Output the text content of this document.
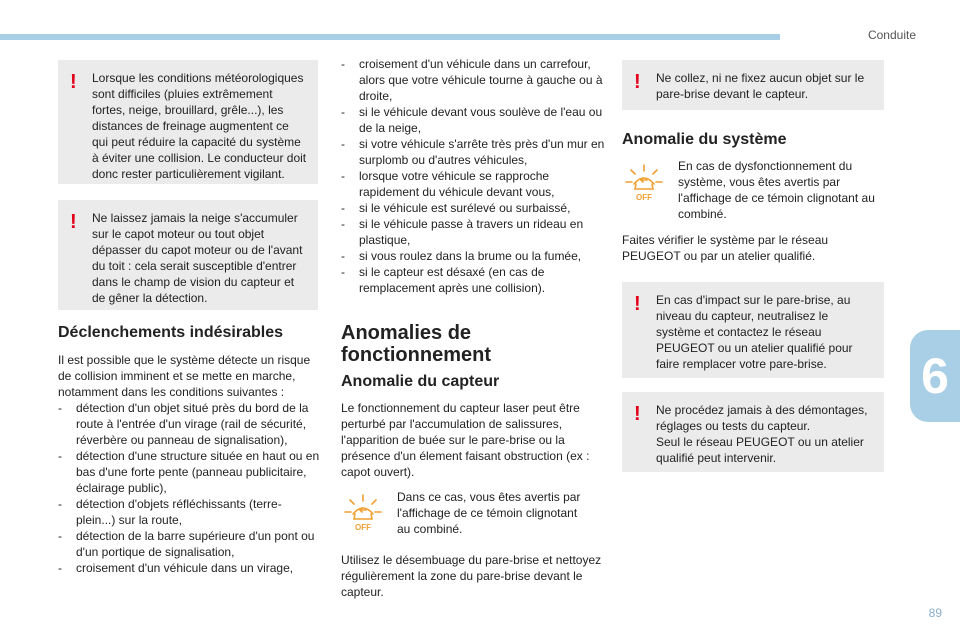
Conduite
! Lorsque les conditions météorologiques sont difficiles (pluies extrêmement fortes, neige, brouillard, grêle...), les distances de freinage augmentent ce qui peut réduire la capacité du système à éviter une collision. Le conducteur doit donc rester particulièrement vigilant.

! Ne laissez jamais la neige s'accumuler sur le capot moteur ou tout objet dépasser du capot moteur ou de l'avant du toit : cela serait susceptible d'entrer dans le champ de vision du capteur et de gêner la détection.

Déclenchements indésirables

Il est possible que le système détecte un risque de collision imminent et se mette en marche, notamment dans les conditions suivantes :

- détection d'un objet situé près du bord de la route à l'entrée d'un virage (rail de sécurité, réverbère ou panneau de signalisation),
- détection d'une structure située en haut ou en bas d'une forte pente (panneau publicitaire, éclairage public),
- détection d'objets réfléchissants (terre-plein...) sur la route,
- détection de la barre supérieure d'un pont ou d'un portique de signalisation,
- croisement d'un véhicule dans un virage,
- croisement d'un véhicule dans un carrefour, alors que votre véhicule tourne à gauche ou à droite,
- si le véhicule devant vous soulève de l'eau ou de la neige,
- si votre véhicule s'arrête très près d'un mur en surplomb ou d'autres véhicules,
- lorsque votre véhicule se rapproche rapidement du véhicule devant vous,
- si le véhicule est surélevé ou surbaissé,
- si le véhicule passe à travers un rideau en plastique,
- si vous roulez dans la brume ou la fumée,
- si le capteur est désaxé (en cas de remplacement après une collision).
Anomalies de
fonctionnement
Anomalie du capteur
Le fonctionnement du capteur laser peut être perturbé par l'accumulation de salissures, l'apparition de buée sur le pare-brise ou la présence d'un élement faisant obstruction (ex : capot ouvert).
OFF
Dans ce cas, vous êtes avertis par l'affichage de ce témoin clignotant au combiné.
Utilisez le désembuage du pare-brise et nettoyez régulièrement la zone du pare-brise devant le capteur.
! Ne collez, ni ne fixez aucun objet sur le pare-brise devant le capteur.

Anomalie du système
OFF
En cas de dysfonctionnement du système, vous êtes avertis par l'affichage de ce témoin clignotant au combiné.
Faites vérifier le système par le réseau PEUGEOT ou par un atelier qualifié.
! En cas d'impact sur le pare-brise, au niveau du capteur, neutralisez le système et contactez le réseau PEUGEOT ou un atelier qualifié pour faire remplacer votre pare-brise.

! Ne procédez jamais à des démontages, réglages ou tests du capteur.

Seul le réseau PEUGEOT ou un atelier qualifié peut intervenir.

6
89
